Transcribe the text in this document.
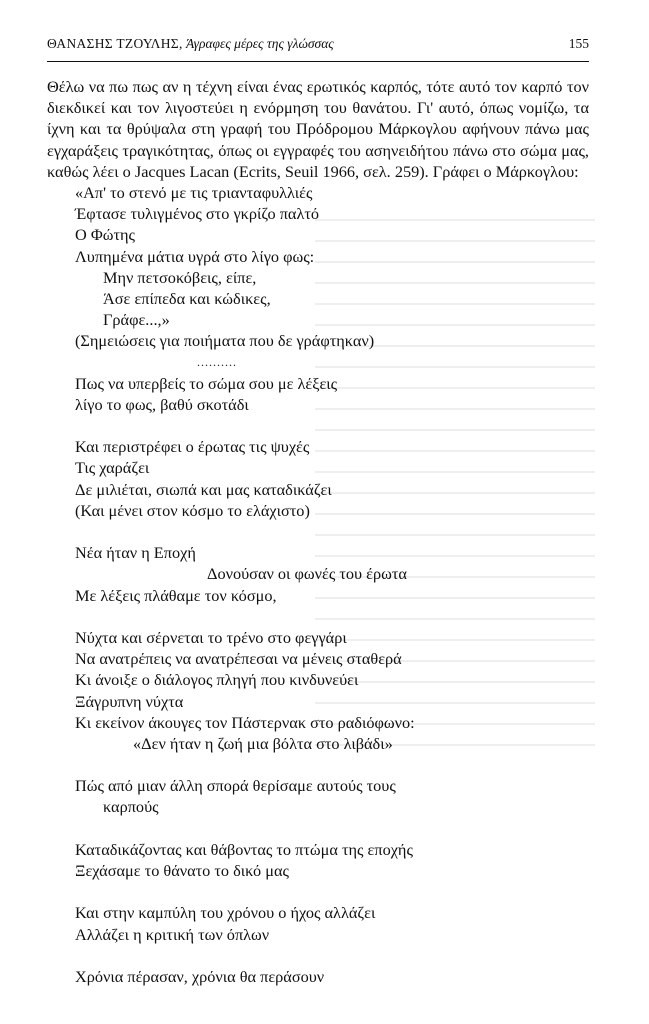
ΘΑΝΑΣΗΣ ΤΖΟΥΛΗΣ, Άγραφες μέρες της γλώσσας	155

Θέλω να πω πως αν η τέχνη είναι ένας ερωτικός καρπός, τότε αυτό τον καρπό τον διεκδικεί και τον λιγοστεύει η ενόρμηση του θανάτου. Γι' αυτό, όπως νομίζω, τα ίχνη και τα θρύψαλα στη γραφή του Πρόδρομου Μάρκογλου αφήνουν πάνω μας εγχαράξεις τραγικότητας, όπως οι εγγραφές του ασηνειδήτου πάνω στο σώμα μας, καθώς λέει ο Jacques Lacan (Ecrits, Seuil 1966, σελ. 259). Γράφει ο Μάρκογλου:

«Απ' το στενό με τις τριανταφυλλιές
Έφτασε τυλιγμένος στο γκρίζο παλτό
Ο Φώτης
Λυπημένα μάτια υγρά στο λίγο φως:
Μην πετσοκόβεις, είπε,
Άσε επίπεδα και κώδικες,
Γράφε...,»
(Σημειώσεις για ποιήματα που δε γράφτηκαν)
..........
Πως να υπερβείς το σώμα σου με λέξεις
λίγο το φως, βαθύ σκοτάδι
Και περιστρέφει ο έρωτας τις ψυχές
Τις χαράζει
Δε μιλιέται, σιωπά και μας καταδικάζει
(Και μένει στον κόσμο το ελάχιστο)
Νέα ήταν η Εποχή
Δονούσαν οι φωνές του έρωτα
Με λέξεις πλάθαμε τον κόσμο,
Νύχτα και σέρνεται το τρένο στο φεγγάρι
Να ανατρέπεις να ανατρέπεσαι να μένεις σταθερά
Κι άνοιξε ο διάλογος πληγή που κινδυνεύει
Ξάγρυπνη νύχτα
Κι εκείνον άκουγες τον Πάστερνακ στο ραδιόφωνο:
«Δεν ήταν η ζωή μια βόλτα στο λιβάδι»
Πώς από μιαν άλλη σπορά θερίσαμε αυτούς τους
καρπούς
Καταδικάζοντας και θάβοντας το πτώμα της εποχής
Ξεχάσαμε το θάνατο το δικό μας
Και στην καμπύλη του χρόνου ο ήχος αλλάζει
Αλλάζει η κριτική των όπλων
Χρόνια πέρασαν, χρόνια θα περάσουν
